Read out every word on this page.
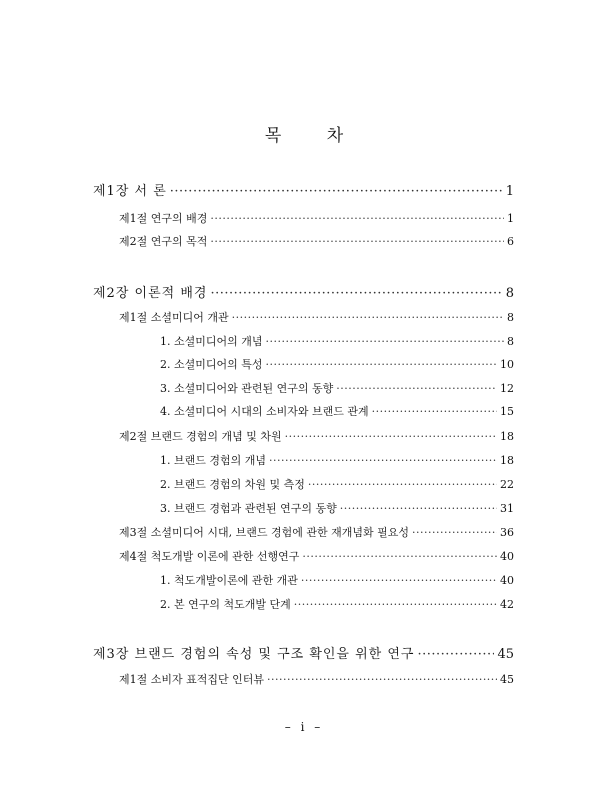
목 차
제1장 서 론 ·····	1
제1절 연구의 배경 ·····	1
제2절 연구의 목적 ·····	6
제2장 이론적 배경 ·····	8
제1절 소셜미디어 개관 ·····	8
1. 소셜미디어의 개념 ·····	8
2. 소셜미디어의 특성 ·····	10
3. 소셜미디어와 관련된 연구의 동향 ·····	12
4. 소셜미디어 시대의 소비자와 브랜드 관계 ·····	15
제2절 브랜드 경험의 개념 및 차원 ·····	18
1. 브랜드 경험의 개념 ·····	18
2. 브랜드 경험의 차원 및 측정 ·····	22
3. 브랜드 경험과 관련된 연구의 동향 ·····	31
제3절 소셜미디어 시대, 브랜드 경험에 관한 재개념화 필요성 ·····	36
제4절 척도개발 이론에 관한 선행연구 ·····	40
1. 척도개발이론에 관한 개관 ·····	40
2. 본 연구의 척도개발 단계 ·····	42
제3장 브랜드 경험의 속성 및 구조 확인을 위한 연구 ·····	45
제1절 소비자 표적집단 인터뷰 ·····	45
– i –
